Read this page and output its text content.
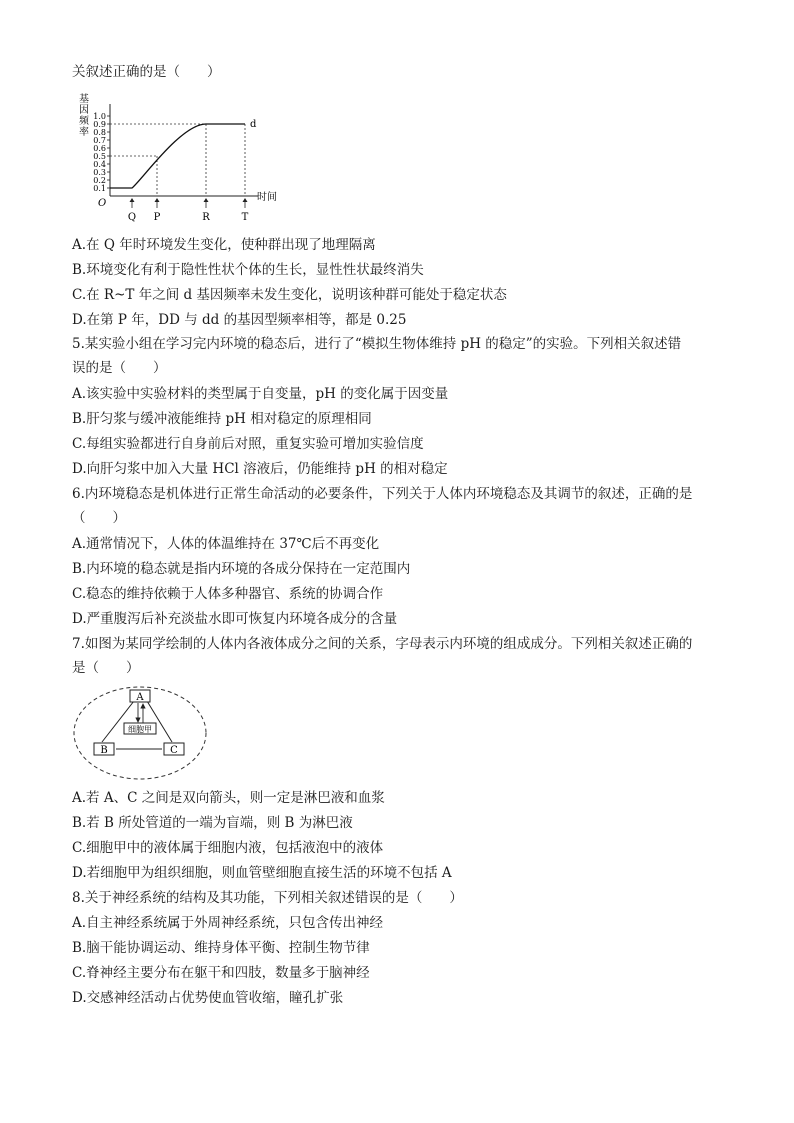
关叙述正确的是（　　）
基
因
频
率
1.0
0.9
0.8
0.7
0.6
0.5
0.4
0.3
0.2
0.1
O
时间
d
Q P	R	T
A.在 Q 年时环境发生变化，使种群出现了地理隔离
B.环境变化有利于隐性性状个体的生长，显性性状最终消失
C.在 R~T 年之间 d 基因频率未发生变化，说明该种群可能处于稳定状态
D.在第 P 年，DD 与 dd 的基因型频率相等，都是 0.25
5.某实验小组在学习完内环境的稳态后，进行了“模拟生物体维持 pH 的稳定”的实验。下列相关叙述错
误的是（　　）
A.该实验中实验材料的类型属于自变量，pH 的变化属于因变量
B.肝匀浆与缓冲液能维持 pH 相对稳定的原理相同
C.每组实验都进行自身前后对照，重复实验可增加实验信度
D.向肝匀浆中加入大量 HCl 溶液后，仍能维持 pH 的相对稳定
6.内环境稳态是机体进行正常生命活动的必要条件，下列关于人体内环境稳态及其调节的叙述，正确的是
（　　）
A.通常情况下，人体的体温维持在 37℃后不再变化
B.内环境的稳态就是指内环境的各成分保持在一定范围内
C.稳态的维持依赖于人体多种器官、系统的协调合作
D.严重腹泻后补充淡盐水即可恢复内环境各成分的含量
7.如图为某同学绘制的人体内各液体成分之间的关系，字母表示内环境的组成成分。下列相关叙述正确的
是（　　）
A
细胞甲
B	C
A.若 A、C 之间是双向箭头，则一定是淋巴液和血浆
B.若 B 所处管道的一端为盲端，则 B 为淋巴液
C.细胞甲中的液体属于细胞内液，包括液泡中的液体
D.若细胞甲为组织细胞，则血管壁细胞直接生活的环境不包括 A
8.关于神经系统的结构及其功能，下列相关叙述错误的是（　　）
A.自主神经系统属于外周神经系统，只包含传出神经
B.脑干能协调运动、维持身体平衡、控制生物节律
C.脊神经主要分布在躯干和四肢，数量多于脑神经
D.交感神经活动占优势使血管收缩，瞳孔扩张
